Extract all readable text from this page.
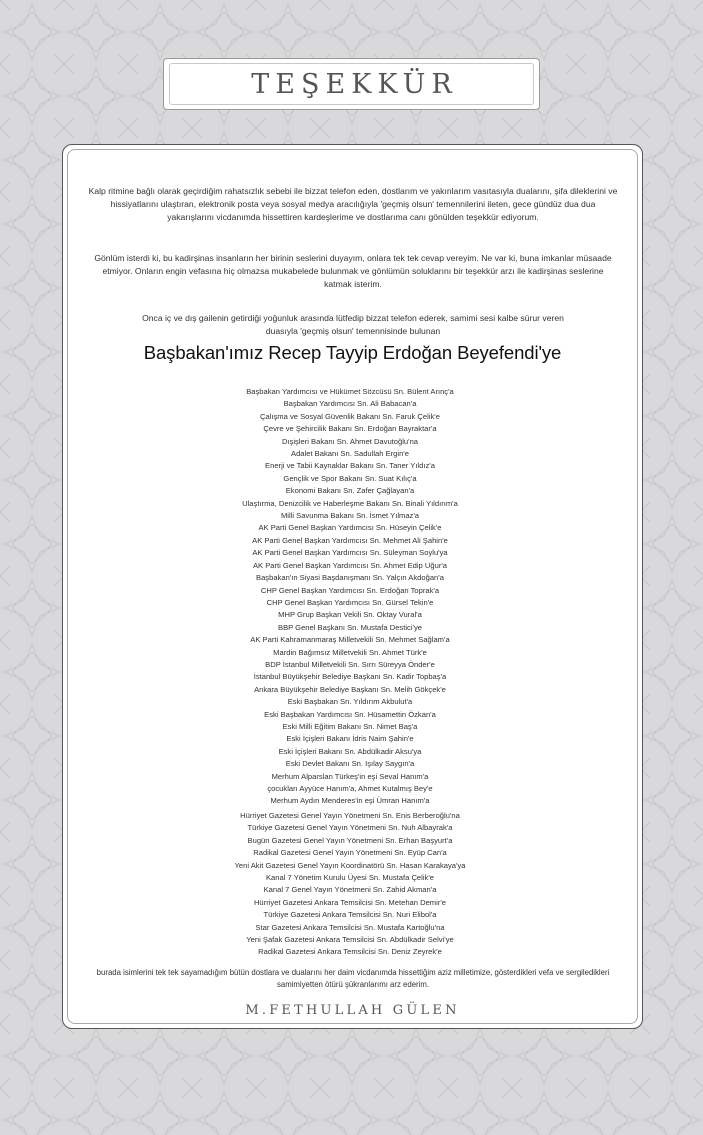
TEŞEKKÜR

Kalp ritmine bağlı olarak geçirdiğim rahatsızlık sebebi ile bizzat telefon eden, dostlarım ve yakınlarım vasıtasıyla dualarını, şifa dileklerini ve hissiyatlarını ulaştıran, elektronik posta veya sosyal medya aracılığıyla 'geçmiş olsun' temennilerini ileten, gece gündüz dua dua yakarışlarını vicdanımda hissettiren kardeşlerime ve dostlarıma canı gönülden teşekkür ediyorum.

Gönlüm isterdi ki, bu kadirşinas insanların her birinin seslerini duyayım, onlara tek tek cevap vereyim. Ne var ki, buna imkanlar müsaade etmiyor. Onların engin vefasına hiç olmazsa mukabelede bulunmak ve gönlümün soluklarını bir teşekkür arzı ile kadirşinas seslerine katmak isterim.

Onca iç ve dış gailenin getirdiği yoğunluk arasında lütfedip bizzat telefon ederek, samimi sesi kalbe sürur veren duasıyla 'geçmiş olsun' temennisinde bulunan

Başbakan'ımız Recep Tayyip Erdoğan Beyefendi'ye
Başbakan Yardımcısı ve Hükümet Sözcüsü Sn. Bülent Arınç'a
Başbakan Yardımcısı Sn. Ali Babacan'a
Çalışma ve Sosyal Güvenlik Bakanı Sn. Faruk Çelik'e
Çevre ve Şehircilik Bakanı Sn. Erdoğan Bayraktar'a
Dışişleri Bakanı Sn. Ahmet Davutoğlu'na
Adalet Bakanı Sn. Sadullah Ergin'e
Enerji ve Tabii Kaynaklar Bakanı Sn. Taner Yıldız'a
Gençlik ve Spor Bakanı Sn. Suat Kılıç'a
Ekonomi Bakanı Sn. Zafer Çağlayan'a
Ulaştırma, Denizcilik ve Haberleşme Bakanı Sn. Binali Yıldırım'a
Milli Savunma Bakanı Sn. İsmet Yılmaz'a
AK Parti Genel Başkan Yardımcısı Sn. Hüseyin Çelik'e
AK Parti Genel Başkan Yardımcısı Sn. Mehmet Ali Şahin'e
AK Parti Genel Başkan Yardımcısı Sn. Süleyman Soylu'ya
AK Parti Genel Başkan Yardımcısı Sn. Ahmet Edip Uğur'a
Başbakan'ın Siyasi Başdanışmanı Sn. Yalçın Akdoğan'a
CHP Genel Başkan Yardımcısı Sn. Erdoğan Toprak'a
CHP Genel Başkan Yardımcısı Sn. Gürsel Tekin'e
MHP Grup Başkan Vekili Sn. Oktay Vural'a
BBP Genel Başkanı Sn. Mustafa Destici'ye
AK Parti Kahramanmaraş Milletvekili Sn. Mehmet Sağlam'a
Mardin Bağımsız Milletvekili Sn. Ahmet Türk'e
BDP İstanbul Milletvekili Sn. Sırrı Süreyya Önder'e
İstanbul Büyükşehir Belediye Başkanı Sn. Kadir Topbaş'a
Ankara Büyükşehir Belediye Başkanı Sn. Melih Gökçek'e
Eski Başbakan Sn. Yıldırım Akbulut'a
Eski Başbakan Yardımcısı Sn. Hüsamettin Özkan'a
Eski Milli Eğitim Bakanı Sn. Nimet Baş'a
Eski İçişleri Bakanı İdris Naim Şahin'e
Eski İçişleri Bakanı Sn. Abdülkadir Aksu'ya
Eski Devlet Bakanı Sn. Işılay Saygın'a
Merhum Alparslan Türkeş'in eşi Seval Hanım'a
çocukları Ayyüce Hanım'a, Ahmet Kutalmış Bey'e
Merhum Aydın Menderes'in eşi Ümran Hanım'a
Hürriyet Gazetesi Genel Yayın Yönetmeni Sn. Enis Berberoğlu'na
Türkiye Gazetesi Genel Yayın Yönetmeni Sn. Nuh Albayrak'a
Bugün Gazetesi Genel Yayın Yönetmeni Sn. Erhan Başyurt'a
Radikal Gazetesi Genel Yayın Yönetmeni Sn. Eyüp Can'a
Yeni Akit Gazetesi Genel Yayın Koordinatörü Sn. Hasan Karakaya'ya
Kanal 7 Yönetim Kurulu Üyesi Sn. Mustafa Çelik'e
Kanal 7 Genel Yayın Yönetmeni Sn. Zahid Akman'a
Hürriyet Gazetesi Ankara Temsilcisi Sn. Metehan Demir'e
Türkiye Gazetesi Ankara Temsilcisi Sn. Nuri Elibol'a
Star Gazetesi Ankara Temsilcisi Sn. Mustafa Kartoğlu'na
Yeni Şafak Gazetesi Ankara Temsilcisi Sn. Abdülkadir Selvi'ye
Radikal Gazetesi Ankara Temsilcisi Sn. Deniz Zeyrek'e
burada isimlerini tek tek sayamadığım bütün dostlara ve dualarını her daim vicdanımda hissettiğim aziz milletimize, gösterdikleri vefa ve sergiledikleri samimiyetten ötürü şükranlarımı arz ederim.
M.FETHULLAH GÜLEN
